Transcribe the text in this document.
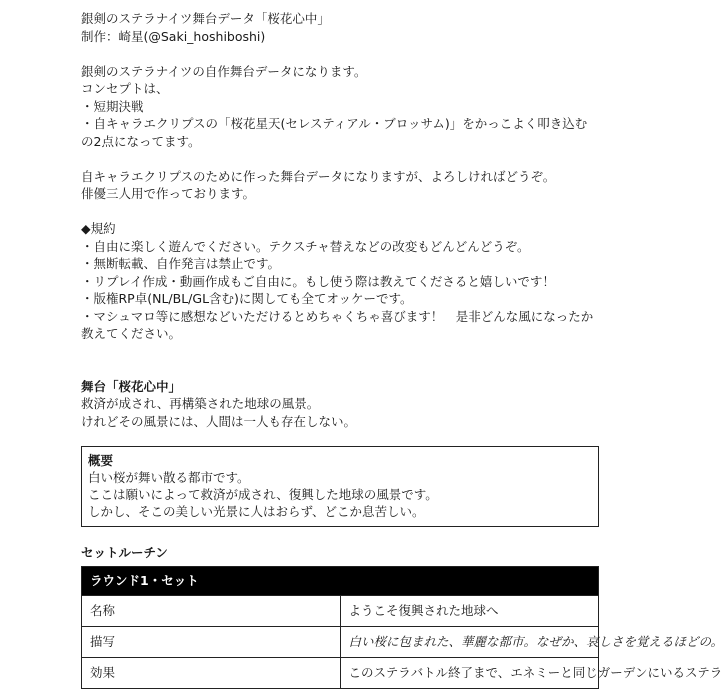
銀剣のステラナイツ舞台データ「桜花心中」
制作：崎星(@Saki_hoshiboshi)
銀剣のステラナイツの自作舞台データになります。
コンセプトは、
・短期決戦
・自キャラエクリプスの「桜花星天(セレスティアル・ブロッサム)」をかっこよく叩き込む
の2点になってます。
自キャラエクリプスのために作った舞台データになりますが、よろしければどうぞ。
俳優三人用で作っております。
◆規約
・自由に楽しく遊んでください。テクスチャ替えなどの改変もどんどんどうぞ。
・無断転載、自作発言は禁止です。
・リプレイ作成・動画作成もご自由に。もし使う際は教えてくださると嬉しいです！
・版権RP卓(NL/BL/GL含む)に関しても全てオッケーです。
・マシュマロ等に感想などいただけるとめちゃくちゃ喜びます！　是非どんな風になったか
教えてください。
舞台「桜花心中」
救済が成され、再構築された地球の風景。
けれどその風景には、人間は一人も存在しない。
概要
白い桜が舞い散る都市です。
ここは願いによって救済が成され、復興した地球の風景です。
しかし、そこの美しい光景に人はおらず、どこか息苦しい。
セットルーチン
ラウンド1・セット	
名称	ようこそ復興された地球へ
描写	白い桜に包まれた、華麗な都市。なぜか、哀しさを覚えるほどの。
効果	このステラバトル終了まで、エネミーと同じガーデンにいるステラ
